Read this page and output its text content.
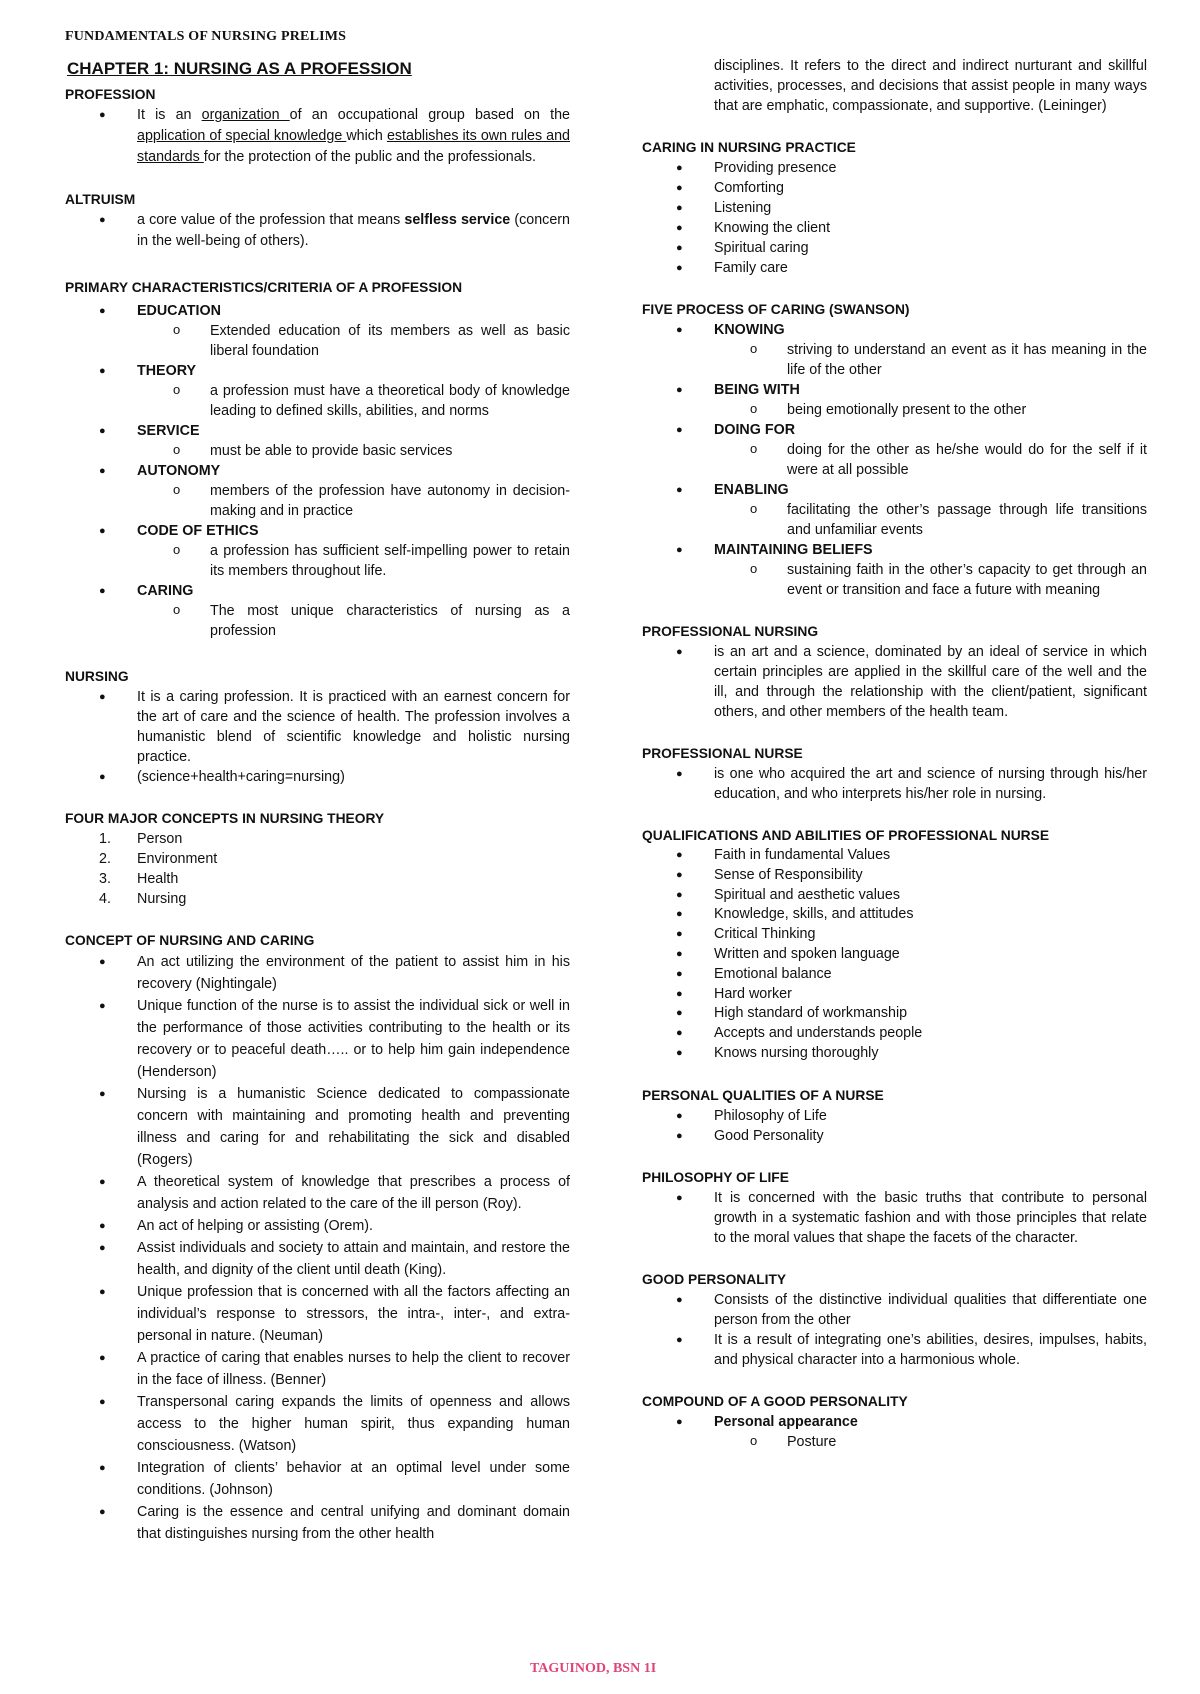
FUNDAMENTALS OF NURSING PRELIMS
CHAPTER 1: NURSING AS A PROFESSION
PROFESSION
● It is an organization of an occupational group based on the application of special knowledge which establishes its own rules and standards for the protection of the public and the professionals.
ALTRUISM
● a core value of the profession that means selfless service (concern in the well-being of others).
PRIMARY CHARACTERISTICS/CRITERIA OF A PROFESSION
● EDUCATION
o Extended education of its members as well as basic liberal foundation
● THEORY
o a profession must have a theoretical body of knowledge leading to defined skills, abilities, and norms
● SERVICE
o must be able to provide basic services
● AUTONOMY
o members of the profession have autonomy in decision-making and in practice
● CODE OF ETHICS
o a profession has sufficient self-impelling power to retain its members throughout life.
● CARING
o The most unique characteristics of nursing as a profession
NURSING
● It is a caring profession. It is practiced with an earnest concern for the art of care and the science of health. The profession involves a humanistic blend of scientific knowledge and holistic nursing practice.
● (science+health+caring=nursing)
FOUR MAJOR CONCEPTS IN NURSING THEORY
1. Person
2. Environment
3. Health
4. Nursing
CONCEPT OF NURSING AND CARING
● An act utilizing the environment of the patient to assist him in his recovery (Nightingale)
● Unique function of the nurse is to assist the individual sick or well in the performance of those activities contributing to the health or its recovery or to peaceful death….. or to help him gain independence (Henderson)
● Nursing is a humanistic Science dedicated to compassionate concern with maintaining and promoting health and preventing illness and caring for and rehabilitating the sick and disabled (Rogers)
● A theoretical system of knowledge that prescribes a process of analysis and action related to the care of the ill person (Roy).
● An act of helping or assisting (Orem).
● Assist individuals and society to attain and maintain, and restore the health, and dignity of the client until death (King).
● Unique profession that is concerned with all the factors affecting an individual’s response to stressors, the intra-, inter-, and extra-personal in nature. (Neuman)
● A practice of caring that enables nurses to help the client to recover in the face of illness. (Benner)
● Transpersonal caring expands the limits of openness and allows access to the higher human spirit, thus expanding human consciousness. (Watson)
● Integration of clients’ behavior at an optimal level under some conditions. (Johnson)
● Caring is the essence and central unifying and dominant domain that distinguishes nursing from the other health
disciplines. It refers to the direct and indirect nurturant and skillful activities, processes, and decisions that assist people in many ways that are emphatic, compassionate, and supportive. (Leininger)
CARING IN NURSING PRACTICE
● Providing presence
● Comforting
● Listening
● Knowing the client
● Spiritual caring
● Family care
FIVE PROCESS OF CARING (SWANSON)
● KNOWING
o striving to understand an event as it has meaning in the life of the other
● BEING WITH
o being emotionally present to the other
● DOING FOR
o doing for the other as he/she would do for the self if it were at all possible
● ENABLING
o facilitating the other’s passage through life transitions and unfamiliar events
● MAINTAINING BELIEFS
o sustaining faith in the other’s capacity to get through an event or transition and face a future with meaning
PROFESSIONAL NURSING
● is an art and a science, dominated by an ideal of service in which certain principles are applied in the skillful care of the well and the ill, and through the relationship with the client/patient, significant others, and other members of the health team.
PROFESSIONAL NURSE
● is one who acquired the art and science of nursing through his/her education, and who interprets his/her role in nursing.
QUALIFICATIONS AND ABILITIES OF PROFESSIONAL NURSE
● Faith in fundamental Values
● Sense of Responsibility
● Spiritual and aesthetic values
● Knowledge, skills, and attitudes
● Critical Thinking
● Written and spoken language
● Emotional balance
● Hard worker
● High standard of workmanship
● Accepts and understands people
● Knows nursing thoroughly
PERSONAL QUALITIES OF A NURSE
● Philosophy of Life
● Good Personality
PHILOSOPHY OF LIFE
● It is concerned with the basic truths that contribute to personal growth in a systematic fashion and with those principles that relate to the moral values that shape the facets of the character.
GOOD PERSONALITY
● Consists of the distinctive individual qualities that differentiate one person from the other
● It is a result of integrating one’s abilities, desires, impulses, habits, and physical character into a harmonious whole.
COMPOUND OF A GOOD PERSONALITY
● Personal appearance
o Posture
TAGUINOD, BSN 1I
